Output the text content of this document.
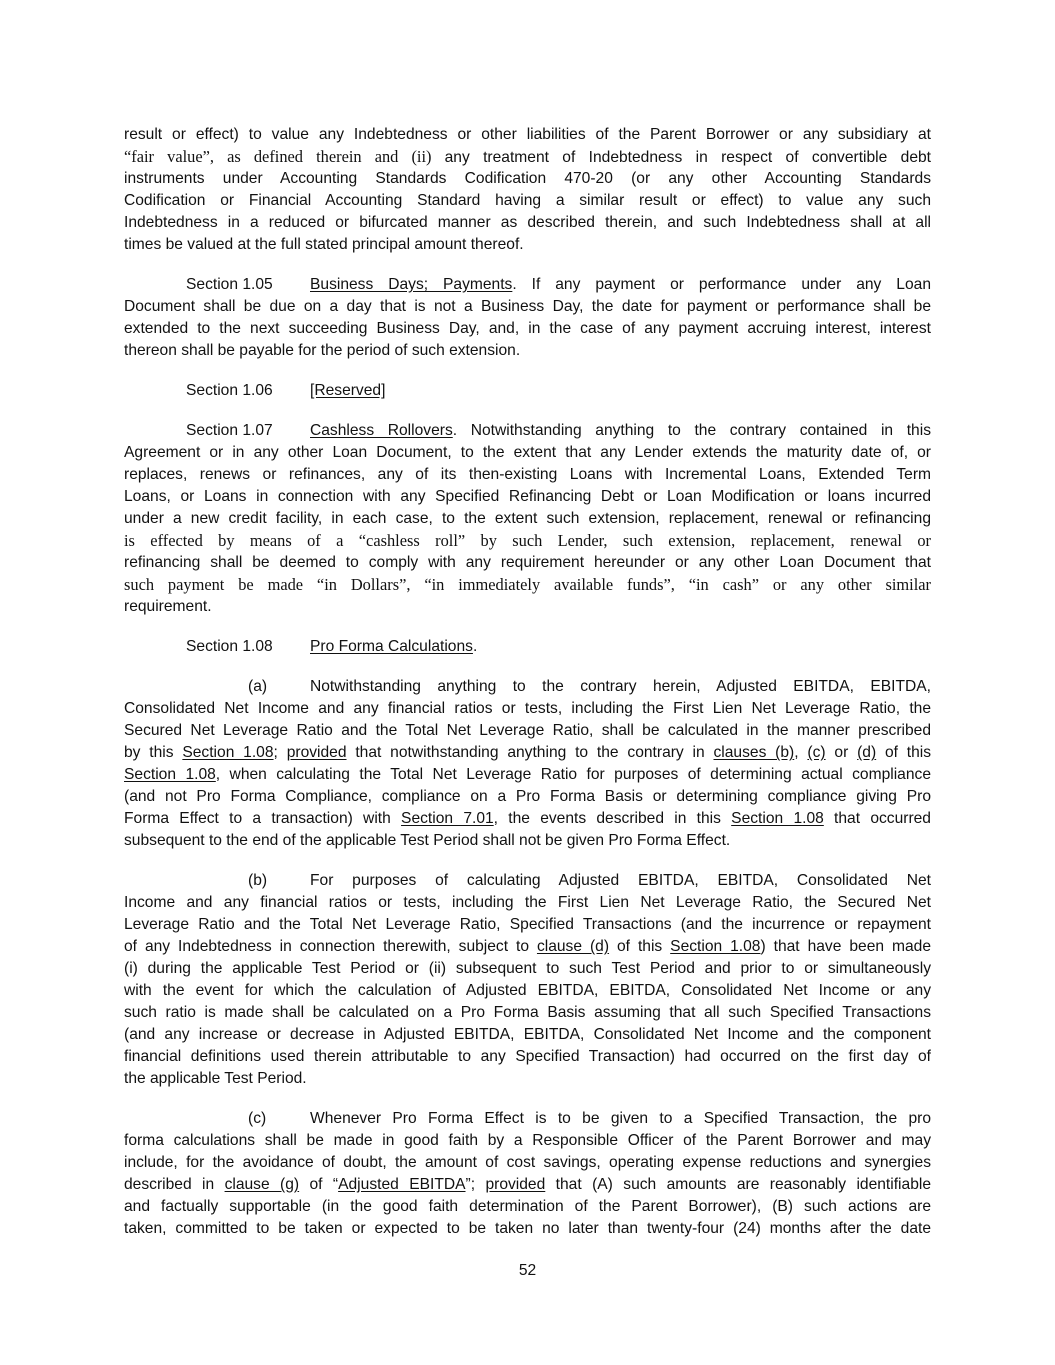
result or effect) to value any Indebtedness or other liabilities of the Parent Borrower or any subsidiary at
“fair value”, as defined therein and (ii) any treatment of Indebtedness in respect of convertible debt
instruments under Accounting Standards Codification 470-20 (or any other Accounting Standards
Codification or Financial Accounting Standard having a similar result or effect) to value any such
Indebtedness in a reduced or bifurcated manner as described therein, and such Indebtedness shall at all
times be valued at the full stated principal amount thereof.
Section 1.05 Business Days; Payments. If any payment or performance under any Loan
Document shall be due on a day that is not a Business Day, the date for payment or performance shall be
extended to the next succeeding Business Day, and, in the case of any payment accruing interest, interest
thereon shall be payable for the period of such extension.
Section 1.06 [Reserved]
Section 1.07 Cashless Rollovers. Notwithstanding anything to the contrary contained in this
Agreement or in any other Loan Document, to the extent that any Lender extends the maturity date of, or
replaces, renews or refinances, any of its then-existing Loans with Incremental Loans, Extended Term
Loans, or Loans in connection with any Specified Refinancing Debt or Loan Modification or loans incurred
under a new credit facility, in each case, to the extent such extension, replacement, renewal or refinancing
is effected by means of a “cashless roll” by such Lender, such extension, replacement, renewal or
refinancing shall be deemed to comply with any requirement hereunder or any other Loan Document that
such payment be made “in Dollars”, “in immediately available funds”, “in cash” or any other similar
requirement.
Section 1.08 Pro Forma Calculations.
(a)	Notwithstanding anything to the contrary herein, Adjusted EBITDA, EBITDA,
Consolidated Net Income and any financial ratios or tests, including the First Lien Net Leverage Ratio, the
Secured Net Leverage Ratio and the Total Net Leverage Ratio, shall be calculated in the manner prescribed
by this Section 1.08; provided that notwithstanding anything to the contrary in clauses (b), (c) or (d) of this
Section 1.08, when calculating the Total Net Leverage Ratio for purposes of determining actual compliance
(and not Pro Forma Compliance, compliance on a Pro Forma Basis or determining compliance giving Pro
Forma Effect to a transaction) with Section 7.01, the events described in this Section 1.08 that occurred
subsequent to the end of the applicable Test Period shall not be given Pro Forma Effect.
(b)	For purposes of calculating Adjusted EBITDA, EBITDA, Consolidated Net
Income and any financial ratios or tests, including the First Lien Net Leverage Ratio, the Secured Net
Leverage Ratio and the Total Net Leverage Ratio, Specified Transactions (and the incurrence or repayment
of any Indebtedness in connection therewith, subject to clause (d) of this Section 1.08) that have been made
(i) during the applicable Test Period or (ii) subsequent to such Test Period and prior to or simultaneously
with the event for which the calculation of Adjusted EBITDA, EBITDA, Consolidated Net Income or any
such ratio is made shall be calculated on a Pro Forma Basis assuming that all such Specified Transactions
(and any increase or decrease in Adjusted EBITDA, EBITDA, Consolidated Net Income and the component
financial definitions used therein attributable to any Specified Transaction) had occurred on the first day of
the applicable Test Period.
(c)	Whenever Pro Forma Effect is to be given to a Specified Transaction, the pro
forma calculations shall be made in good faith by a Responsible Officer of the Parent Borrower and may
include, for the avoidance of doubt, the amount of cost savings, operating expense reductions and synergies
described in clause (g) of “Adjusted EBITDA”; provided that (A) such amounts are reasonably identifiable
and factually supportable (in the good faith determination of the Parent Borrower), (B) such actions are
taken, committed to be taken or expected to be taken no later than twenty-four (24) months after the date
52
